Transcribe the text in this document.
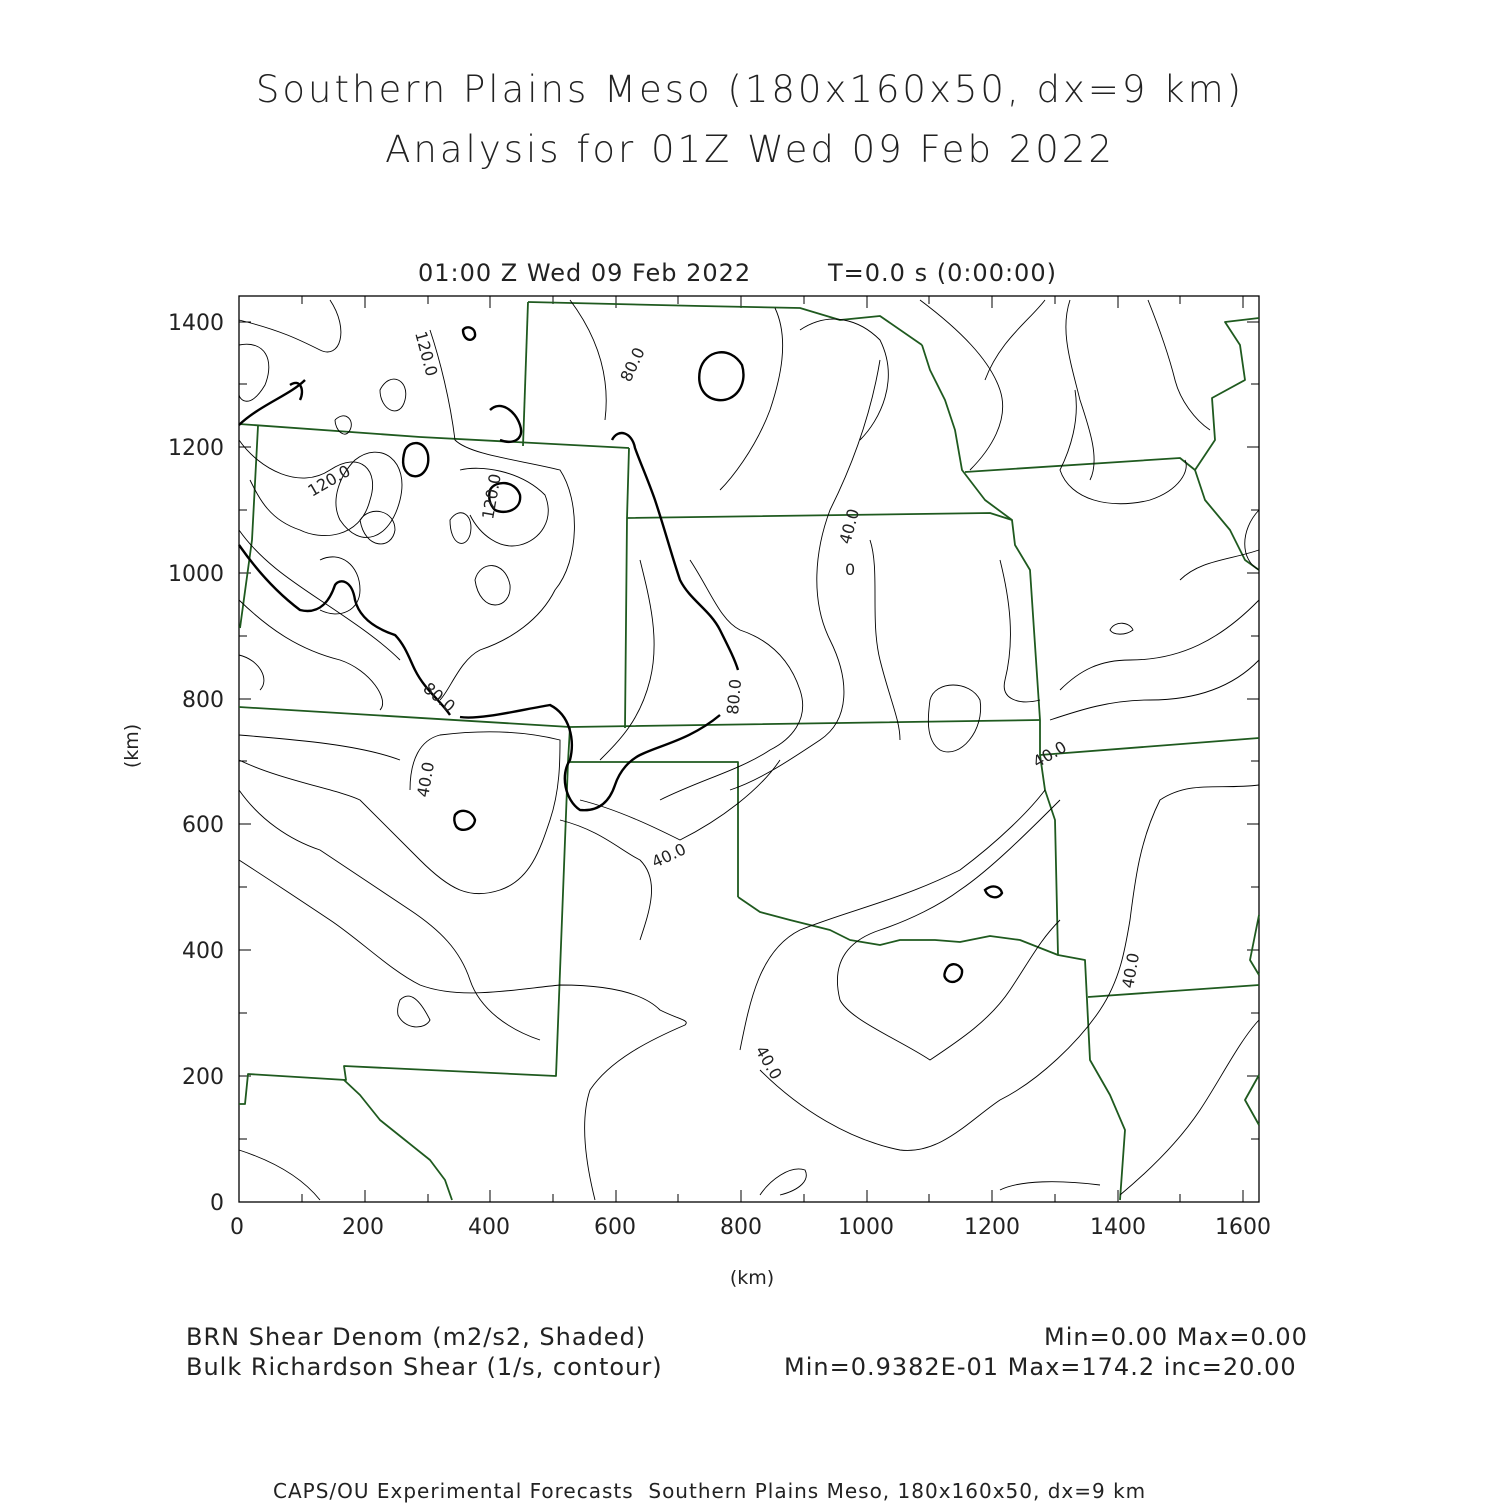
Southern Plains Meso (180x160x50, dx=9 km)
Analysis for 01Z Wed 09 Feb 2022
01:00 Z Wed 09 Feb 2022	T=0.0 s (0:00:00)
0	200	400	600	800	1000	1200	1400	1600
0
200
400
600
800
1000
1200
1400
(km)
(km)
120.0
120.0	120.0
80.0
80.0	80.0
40.0
40.0
40.0
40.0
40.0
40.0
0
BRN Shear Denom (m2/s2, Shaded)	Min=0.00 Max=0.00
Bulk Richardson Shear (1/s, contour)	Min=0.9382E-01 Max=174.2 inc=20.00
CAPS/OU Experimental Forecasts  Southern Plains Meso, 180x160x50, dx=9 km
